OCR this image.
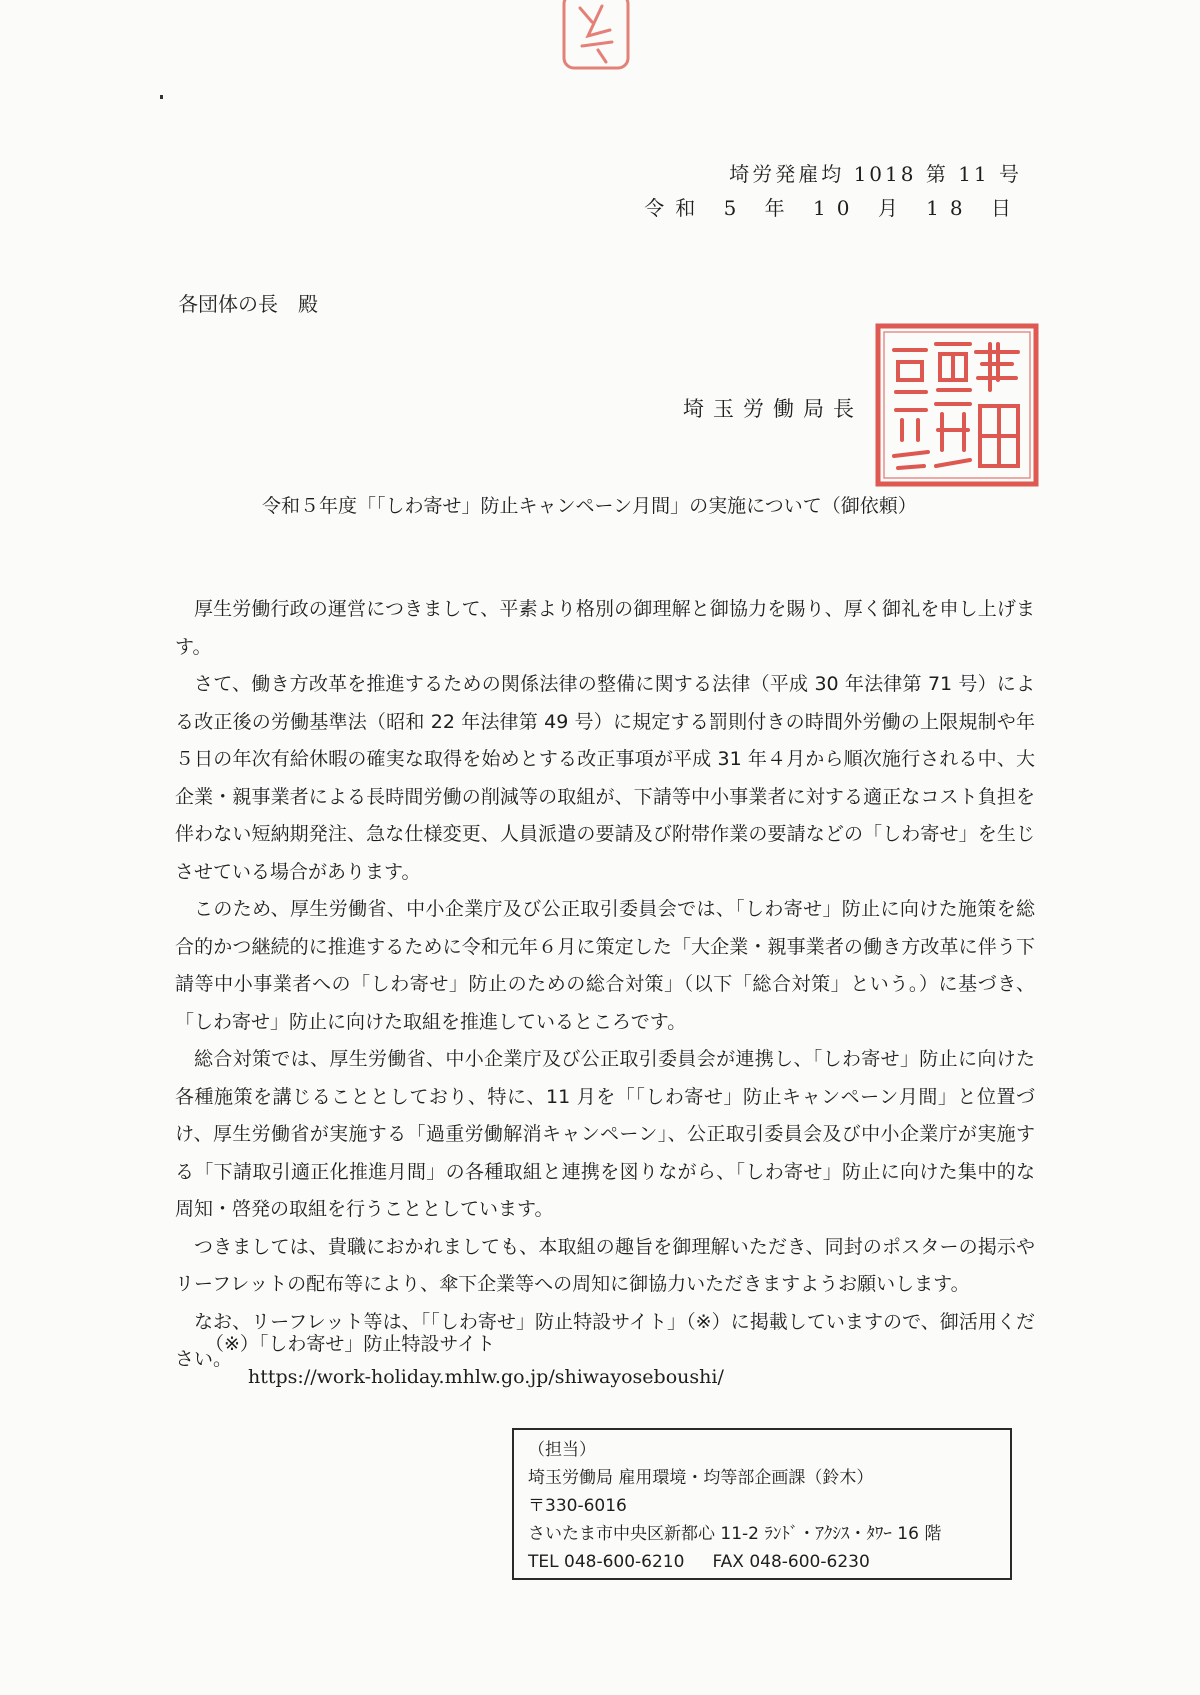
埼労発雇均 1018 第 11 号
令和 5 年 10 月 18 日
各団体の長　殿
埼玉労働局長
令和５年度「「しわ寄せ」防止キャンペーン月間」の実施について（御依頼）

厚生労働行政の運営につきまして、平素より格別の御理解と御協力を賜り、厚く御礼を申し上げます。

さて、働き方改革を推進するための関係法律の整備に関する法律（平成 30 年法律第 71 号）による改正後の労働基準法（昭和 22 年法律第 49 号）に規定する罰則付きの時間外労働の上限規制や年５日の年次有給休暇の確実な取得を始めとする改正事項が平成 31 年４月から順次施行される中、大企業・親事業者による長時間労働の削減等の取組が、下請等中小事業者に対する適正なコスト負担を伴わない短納期発注、急な仕様変更、人員派遣の要請及び附帯作業の要請などの「しわ寄せ」を生じさせている場合があります。

このため、厚生労働省、中小企業庁及び公正取引委員会では、「しわ寄せ」防止に向けた施策を総合的かつ継続的に推進するために令和元年６月に策定した「大企業・親事業者の働き方改革に伴う下請等中小事業者への「しわ寄せ」防止のための総合対策」（以下「総合対策」という。）に基づき、「しわ寄せ」防止に向けた取組を推進しているところです。

総合対策では、厚生労働省、中小企業庁及び公正取引委員会が連携し、「しわ寄せ」防止に向けた各種施策を講じることとしており、特に、11 月を「「しわ寄せ」防止キャンペーン月間」と位置づけ、厚生労働省が実施する「過重労働解消キャンペーン」、公正取引委員会及び中小企業庁が実施する「下請取引適正化推進月間」の各種取組と連携を図りながら、「しわ寄せ」防止に向けた集中的な周知・啓発の取組を行うこととしています。

つきましては、貴職におかれましても、本取組の趣旨を御理解いただき、同封のポスターの掲示やリーフレットの配布等により、傘下企業等への周知に御協力いただきますようお願いします。

なお、リーフレット等は、「「しわ寄せ」防止特設サイト」（※）に掲載していますので、御活用ください。

（※）「しわ寄せ」防止特設サイト
https://work-holiday.mhlw.go.jp/shiwayoseboushi/
（担当）
埼玉労働局 雇用環境・均等部企画課（鈴木）
〒330-6016
さいたま市中央区新都心 11-2 ﾗﾝﾄﾞ・ｱｸｼｽ・ﾀﾜｰ 16 階
TEL 048-600-6210 FAX 048-600-6230
